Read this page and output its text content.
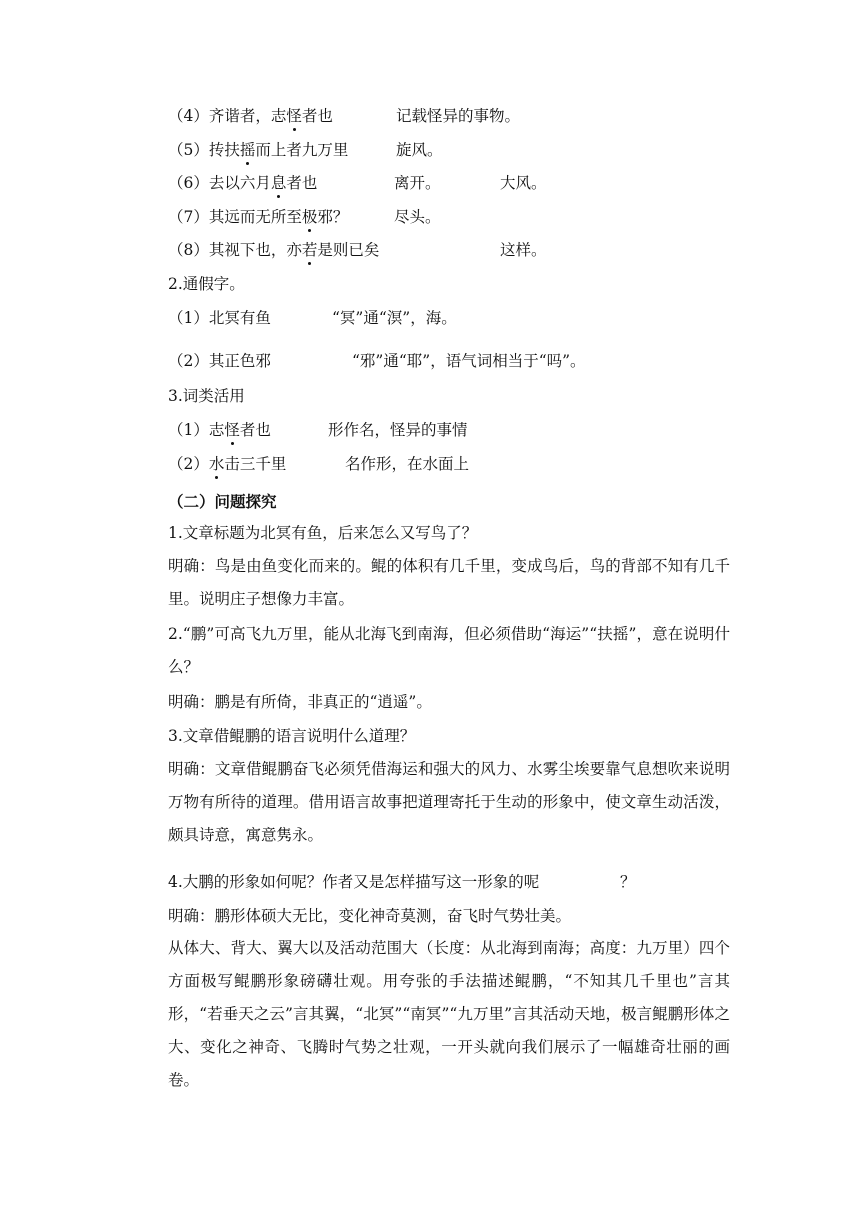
（4）齐谐者，志怪者也	记载怪异的事物。
（5）抟扶摇而上者九万里	旋风。
（6）去以六月息者也	离开。	大风。
（7）其远而无所至极邪？	尽头。
（8）其视下也，亦若是则已矣	这样。
2.通假字。
（1）北冥有鱼	“冥”通“溟”，海。
（2）其正色邪	“邪”通“耶”，语气词相当于“吗”。
3.词类活用
（1）志怪者也	形作名，怪异的事情
（2）水击三千里	名作形，在水面上
（二）问题探究
1.文章标题为北冥有鱼，后来怎么又写鸟了？
明确：鸟是由鱼变化而来的。鲲的体积有几千里，变成鸟后，鸟的背部不知有几千里。说明庄子想像力丰富。
2.“鹏”可高飞九万里，能从北海飞到南海，但必须借助“海运”“扶摇”，意在说明什么？
明确：鹏是有所倚，非真正的“逍遥”。
3.文章借鲲鹏的语言说明什么道理？
明确：文章借鲲鹏奋飞必须凭借海运和强大的风力、水雾尘埃要靠气息想吹来说明万物有所待的道理。借用语言故事把道理寄托于生动的形象中，使文章生动活泼，颇具诗意，寓意隽永。
4.大鹏的形象如何呢？作者又是怎样描写这一形象的呢	？
明确：鹏形体硕大无比，变化神奇莫测，奋飞时气势壮美。
从体大、背大、翼大以及活动范围大（长度：从北海到南海；高度：九万里）四个方面极写鲲鹏形象磅礴壮观。用夸张的手法描述鲲鹏，“不知其几千里也”言其形，“若垂天之云”言其翼，“北冥”“南冥”“九万里”言其活动天地，极言鲲鹏形体之大、变化之神奇、飞腾时气势之壮观，一开头就向我们展示了一幅雄奇壮丽的画卷。
